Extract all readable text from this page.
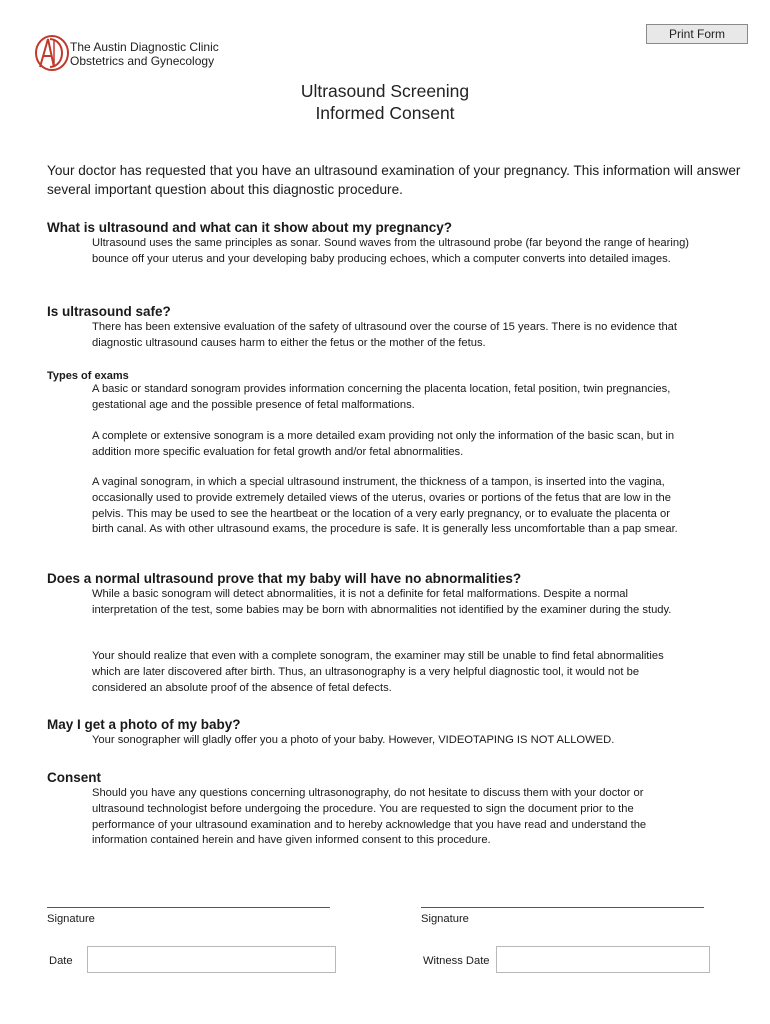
Print Form
The Austin Diagnostic Clinic
Obstetrics and Gynecology
Ultrasound Screening
Informed Consent
Your doctor has requested that you have an ultrasound examination of your pregnancy. This information will answer several important question about this diagnostic procedure.
What is ultrasound and what can it show about my pregnancy?

Ultrasound uses the same principles as sonar. Sound waves from the ultrasound probe (far beyond the range of hearing) bounce off your uterus and your developing baby producing echoes, which a computer converts into detailed images.

Is ultrasound safe?

There has been extensive evaluation of the safety of ultrasound over the course of 15 years. There is no evidence that diagnostic ultrasound causes harm to either the fetus or the mother of the fetus.

Types of exams

A basic or standard sonogram provides information concerning the placenta location, fetal position, twin pregnancies, gestational age and the possible presence of fetal malformations.

A complete or extensive sonogram is a more detailed exam providing not only the information of the basic scan, but in addition more specific evaluation for fetal growth and/or fetal abnormalities.

A vaginal sonogram, in which a special ultrasound instrument, the thickness of a tampon, is inserted into the vagina, occasionally used to provide extremely detailed views of the uterus, ovaries or portions of the fetus that are low in the pelvis. This may be used to see the heartbeat or the location of a very early pregnancy, or to evaluate the placenta or birth canal. As with other ultrasound exams, the procedure is safe. It is generally less uncomfortable than a pap smear.

Does a normal ultrasound prove that my baby will have no abnormalities?

While a basic sonogram will detect abnormalities, it is not a definite for fetal malformations. Despite a normal interpretation of the test, some babies may be born with abnormalities not identified by the examiner during the study.

Your should realize that even with a complete sonogram, the examiner may still be unable to find fetal abnormalities which are later discovered after birth. Thus, an ultrasonography is a very helpful diagnostic tool, it would not be considered an absolute proof of the absence of fetal defects.

May I get a photo of my baby?

Your sonographer will gladly offer you a photo of your baby. However, VIDEOTAPING IS NOT ALLOWED.

Consent

Should you have any questions concerning ultrasonography, do not hesitate to discuss them with your doctor or ultrasound technologist before undergoing the procedure. You are requested to sign the document prior to the performance of your ultrasound examination and to hereby acknowledge that you have read and understand the information contained herein and have given informed consent to this procedure.

Signature	Signature
Date	Witness Date
